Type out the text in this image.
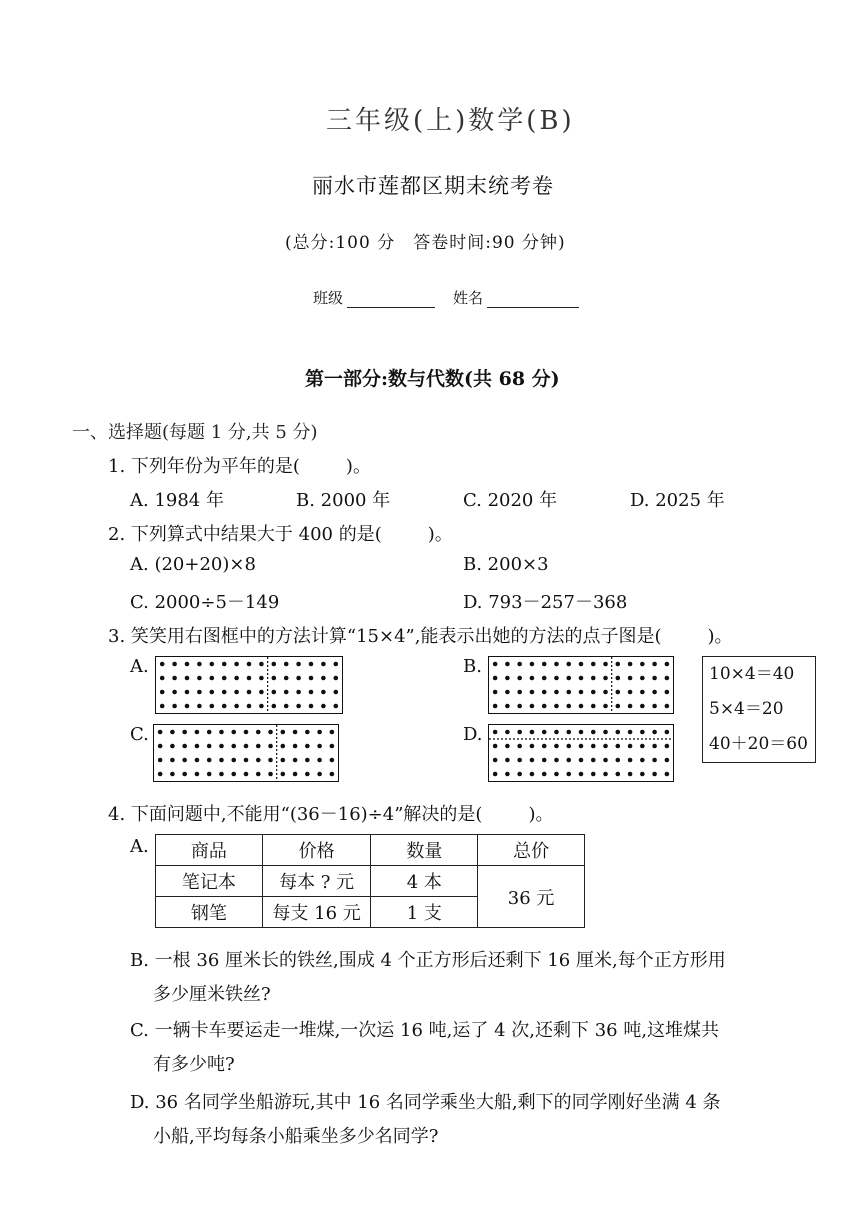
三年级(上)数学(B)
丽水市莲都区期末统考卷
(总分:100 分　答卷时间:90 分钟)
班级	姓名
第一部分:数与代数(共 68 分)
一、选择题(每题 1 分,共 5 分)
1. 下列年份为平年的是(	)。
A. 1984 年	B. 2000 年	C. 2020 年	D. 2025 年
2. 下列算式中结果大于 400 的是(	)。
A. (20+20)×8	B. 200×3
C. 2000÷5－149	D. 793－257－368
3. 笑笑用右图框中的方法计算“15×4”,能表示出她的方法的点子图是(	)。
A.	B.	10×4＝40
5×4＝20
40＋20＝60
C.	D.
4. 下面问题中,不能用“(36－16)÷4”解决的是(	)。
A. 商品	价格	数量	总价
笔记本	每本 ? 元	4 本	36 元
钢笔	每支 16 元	1 支	
B. 一根 36 厘米长的铁丝,围成 4 个正方形后还剩下 16 厘米,每个正方形用
多少厘米铁丝?
C. 一辆卡车要运走一堆煤,一次运 16 吨,运了 4 次,还剩下 36 吨,这堆煤共
有多少吨?
D. 36 名同学坐船游玩,其中 16 名同学乘坐大船,剩下的同学刚好坐满 4 条
小船,平均每条小船乘坐多少名同学?
